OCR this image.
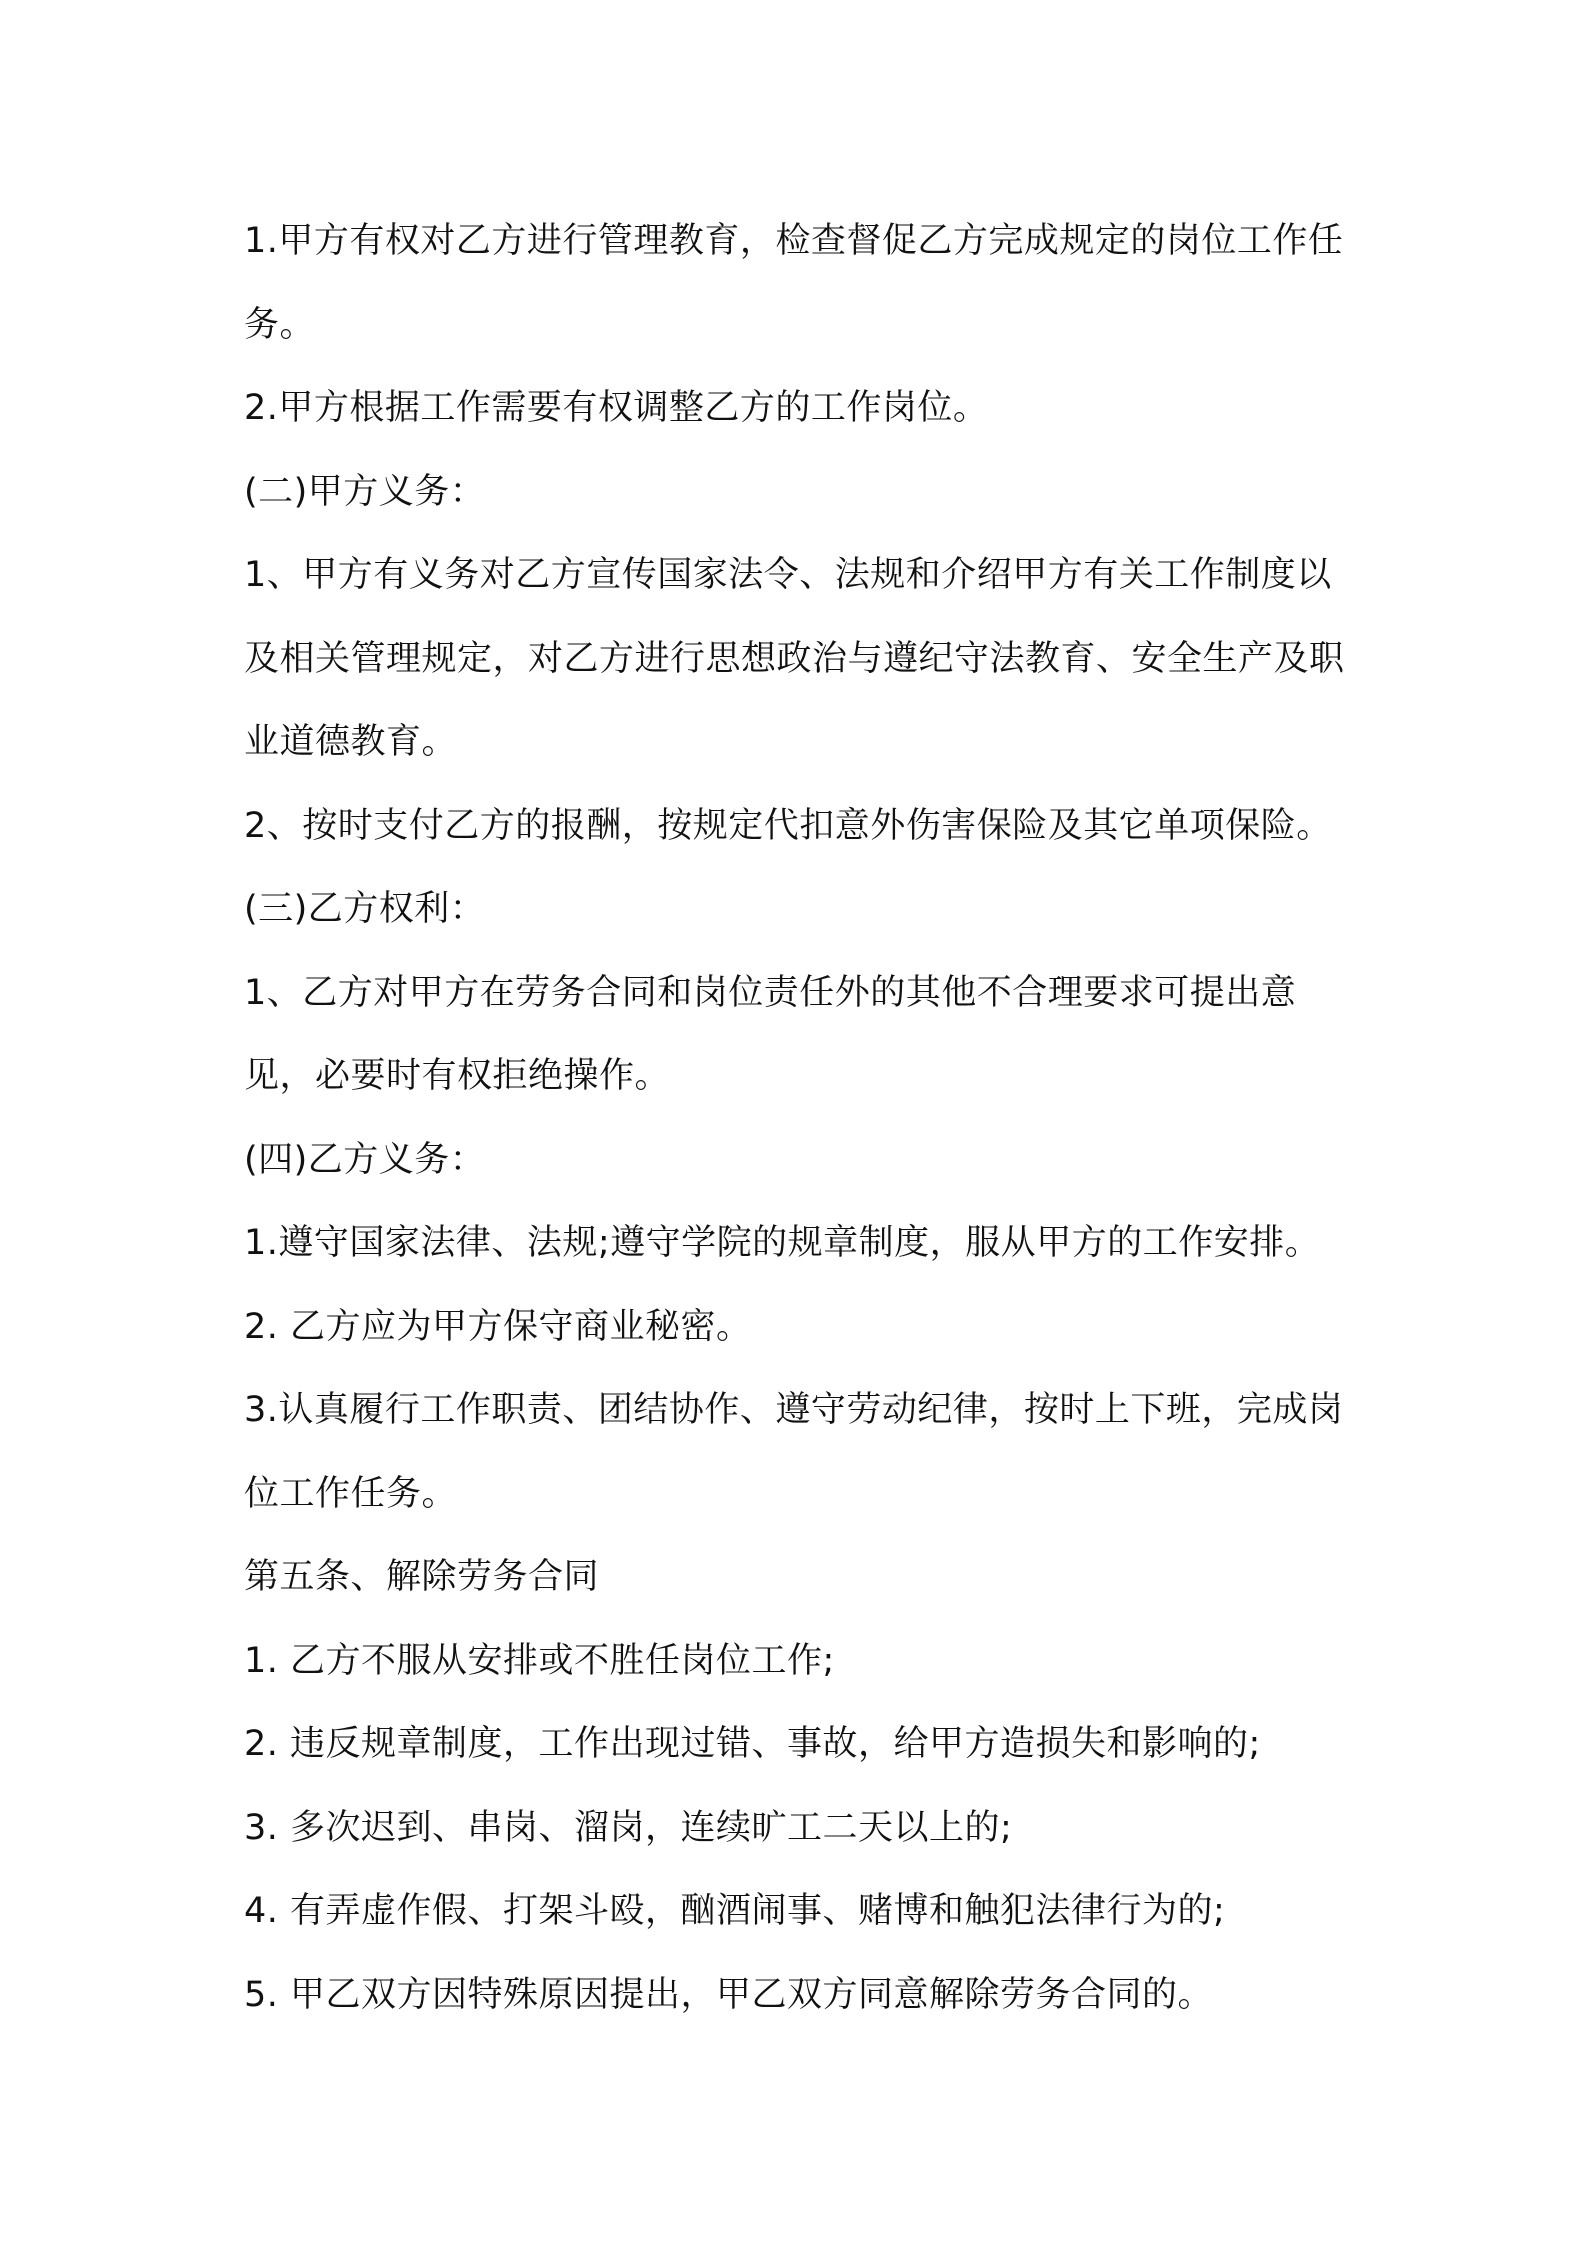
1.甲方有权对乙方进行管理教育，检查督促乙方完成规定的岗位工作任务。

2.甲方根据工作需要有权调整乙方的工作岗位。

(二)甲方义务：

1、甲方有义务对乙方宣传国家法令、法规和介绍甲方有关工作制度以及相关管理规定，对乙方进行思想政治与遵纪守法教育、安全生产及职业道德教育。

2、按时支付乙方的报酬，按规定代扣意外伤害保险及其它单项保险。

(三)乙方权利：

1、乙方对甲方在劳务合同和岗位责任外的其他不合理要求可提出意见，必要时有权拒绝操作。

(四)乙方义务：

1.遵守国家法律、法规;遵守学院的规章制度，服从甲方的工作安排。

2. 乙方应为甲方保守商业秘密。

3.认真履行工作职责、团结协作、遵守劳动纪律，按时上下班，完成岗位工作任务。

第五条、解除劳务合同

1. 乙方不服从安排或不胜任岗位工作;

2. 违反规章制度，工作出现过错、事故，给甲方造损失和影响的;

3. 多次迟到、串岗、溜岗，连续旷工二天以上的;

4. 有弄虚作假、打架斗殴，酗酒闹事、赌博和触犯法律行为的;

5. 甲乙双方因特殊原因提出，甲乙双方同意解除劳务合同的。
